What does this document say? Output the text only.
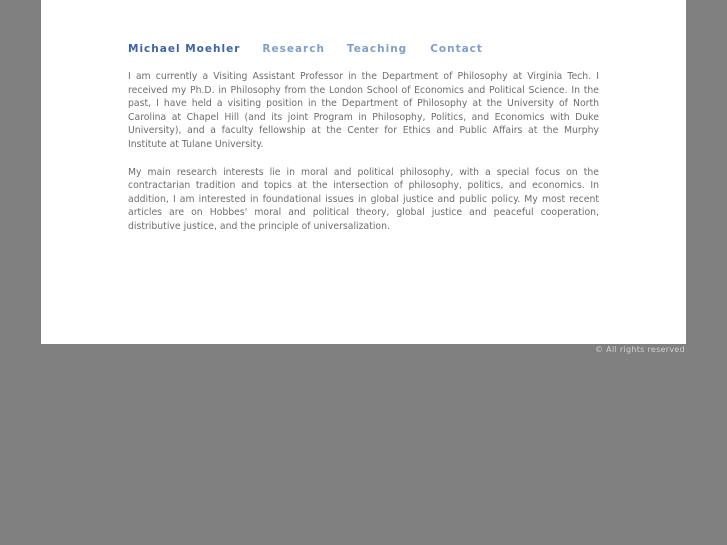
Michael Moehler Research Teaching Contact

I am currently a Visiting Assistant Professor in the Department of Philosophy at Virginia Tech. I received my Ph.D. in Philosophy from the London School of Economics and Political Science. In the past, I have held a visiting position in the Department of Philosophy at the University of North Carolina at Chapel Hill (and its joint Program in Philosophy, Politics, and Economics with Duke University), and a faculty fellowship at the Center for Ethics and Public Affairs at the Murphy Institute at Tulane University.

My main research interests lie in moral and political philosophy, with a special focus on the contractarian tradition and topics at the intersection of philosophy, politics, and economics. In addition, I am interested in foundational issues in global justice and public policy. My most recent articles are on Hobbes' moral and political theory, global justice and peaceful cooperation, distributive justice, and the principle of universalization.

© All rights reserved
